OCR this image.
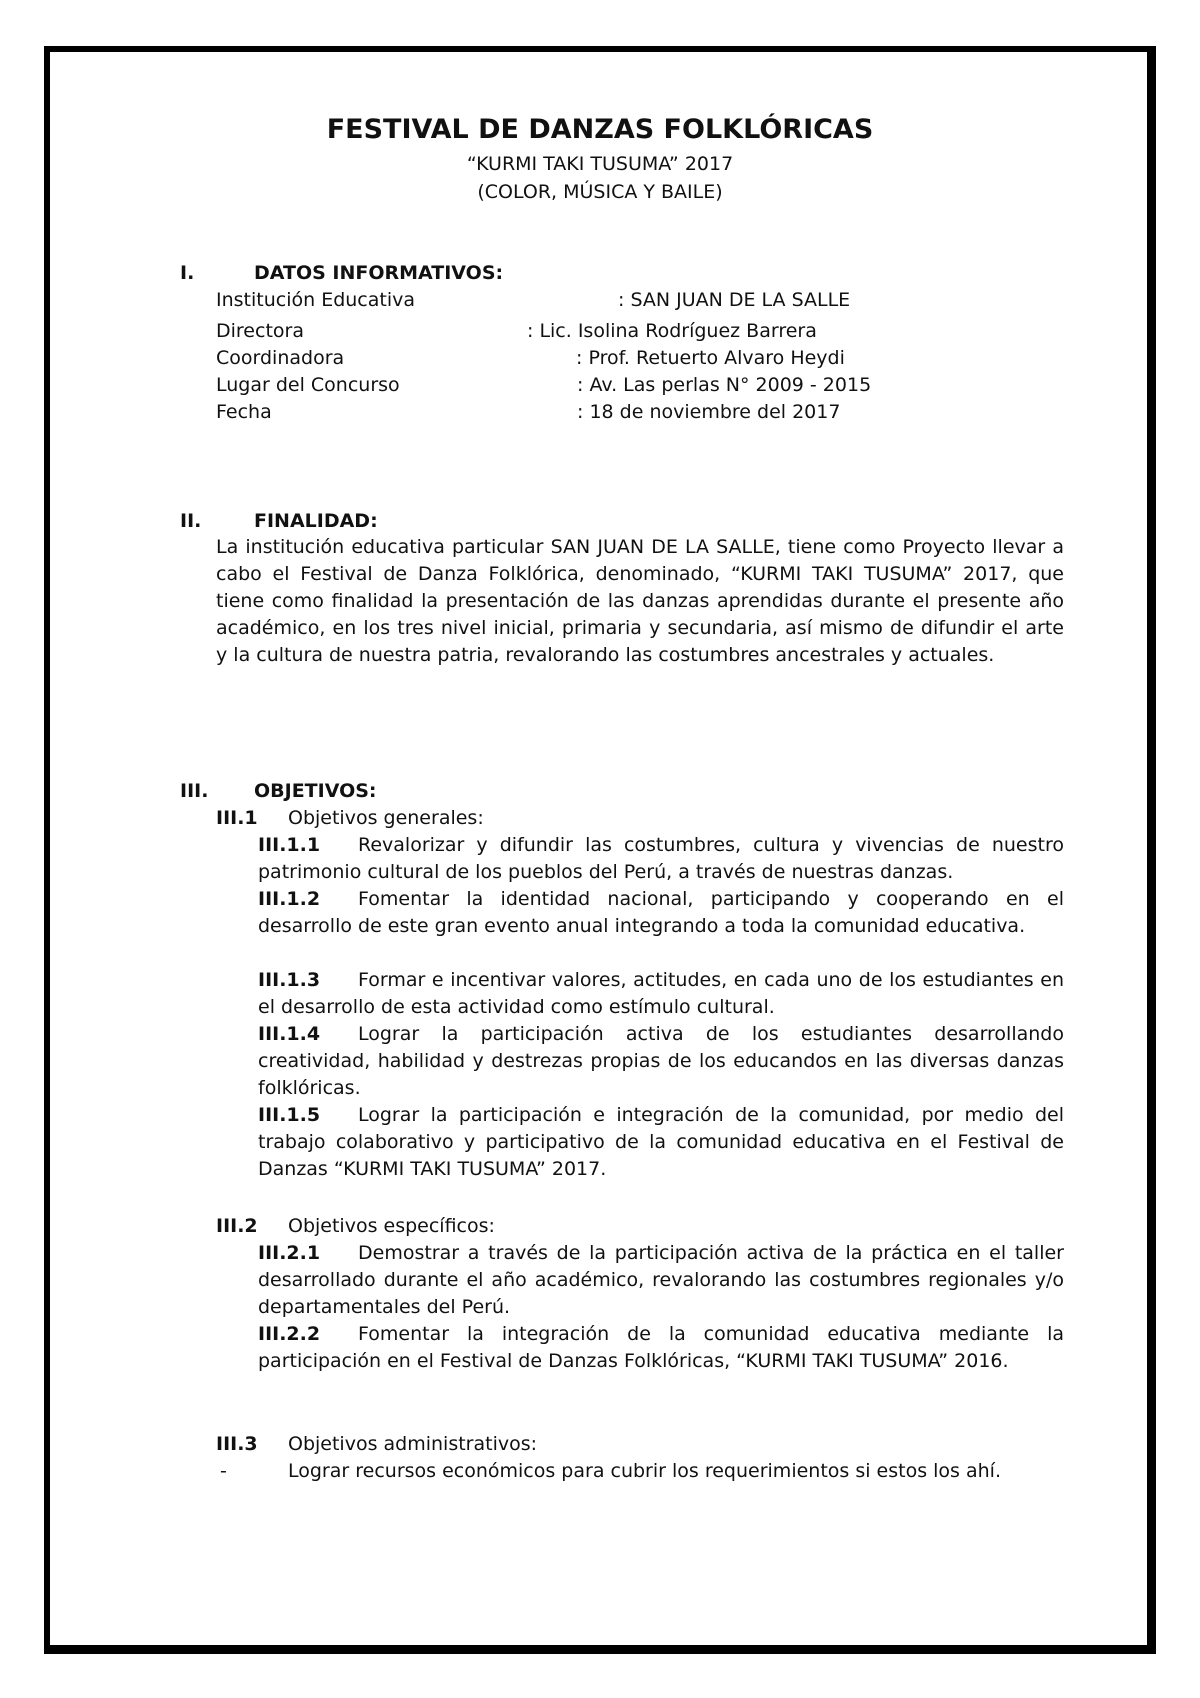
FESTIVAL DE DANZAS FOLKLÓRICAS
“KURMI TAKI TUSUMA” 2017
(COLOR, MÚSICA Y BAILE)
I.	DATOS INFORMATIVOS:
Institución Educativa	: SAN JUAN DE LA SALLE
Directora	: Lic. Isolina Rodríguez Barrera
Coordinadora	: Prof. Retuerto Alvaro Heydi
Lugar del Concurso	: Av. Las perlas N° 2009 - 2015
Fecha	: 18 de noviembre del 2017
II.	FINALIDAD:
La institución educativa particular SAN JUAN DE LA SALLE, tiene como Proyecto llevar a cabo el Festival de Danza Folklórica, denominado, “KURMI TAKI TUSUMA” 2017, que tiene como finalidad la presentación de las danzas aprendidas durante el presente año académico, en los tres nivel inicial, primaria y secundaria, así mismo de difundir el arte y la cultura de nuestra patria, revalorando las costumbres ancestrales y actuales.
III. OBJETIVOS:
III.1 Objetivos generales:
III.1.1 Revalorizar y difundir las costumbres, cultura y vivencias de nuestro patrimonio cultural de los pueblos del Perú, a través de nuestras danzas.
III.1.2 Fomentar la identidad nacional, participando y cooperando en el desarrollo de este gran evento anual integrando a toda la comunidad educativa.
III.1.3 Formar e incentivar valores, actitudes, en cada uno de los estudiantes en el desarrollo de esta actividad como estímulo cultural.
III.1.4 Lograr la participación activa de los estudiantes desarrollando creatividad, habilidad y destrezas propias de los educandos en las diversas danzas folklóricas.
III.1.5 Lograr la participación e integración de la comunidad, por medio del trabajo colaborativo y participativo de la comunidad educativa en el Festival de Danzas “KURMI TAKI TUSUMA” 2017.
III.2 Objetivos específicos:
III.2.1 Demostrar a través de la participación activa de la práctica en el taller desarrollado durante el año académico, revalorando las costumbres regionales y/o departamentales del Perú.
III.2.2 Fomentar la integración de la comunidad educativa mediante la participación en el Festival de Danzas Folklóricas, “KURMI TAKI TUSUMA” 2016.
III.3 Objetivos administrativos:
-	Lograr recursos económicos para cubrir los requerimientos si estos los ahí.
